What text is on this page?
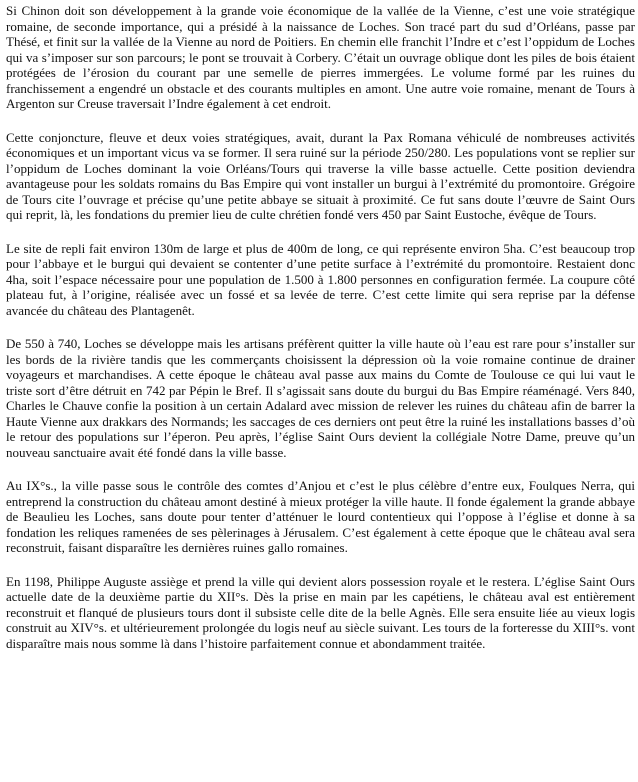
Si Chinon doit son développement à la grande voie économique de la vallée de la Vienne, c’est une voie stratégique romaine, de seconde importance, qui a présidé à la naissance de Loches. Son tracé part du sud d’Orléans, passe par Thésé, et finit sur la vallée de la Vienne au nord de Poitiers. En chemin elle franchit l’Indre et c’est l’oppidum de Loches qui va s’imposer sur son parcours; le pont se trouvait à Corbery. C’était un ouvrage oblique dont les piles de bois étaient protégées de l’érosion du courant par une semelle de pierres immergées. Le volume formé par les ruines du franchissement a engendré un obstacle et des courants multiples en amont. Une autre voie romaine, menant de Tours à Argenton sur Creuse traversait l’Indre également à cet endroit.

Cette conjoncture, fleuve et deux voies stratégiques, avait, durant la Pax Romana véhiculé de nombreuses activités économiques et un important vicus va se former. Il sera ruiné sur la période 250/280. Les populations vont se replier sur l’oppidum de Loches dominant la voie Orléans/Tours qui traverse la ville basse actuelle. Cette position deviendra avantageuse pour les soldats romains du Bas Empire qui vont installer un burgui à l’extrémité du promontoire. Grégoire de Tours cite l’ouvrage et précise qu’une petite abbaye se situait à proximité. Ce fut sans doute l’œuvre de Saint Ours qui reprit, là, les fondations du premier lieu de culte chrétien fondé vers 450 par Saint Eustoche, évêque de Tours.

Le site de repli fait environ 130m de large et plus de 400m de long, ce qui représente environ 5ha. C’est beaucoup trop pour l’abbaye et le burgui qui devaient se contenter d’une petite surface à l’extrémité du promontoire. Restaient donc 4ha, soit l’espace nécessaire pour une population de 1.500 à 1.800 personnes en configuration fermée. La coupure côté plateau fut, à l’origine, réalisée avec un fossé et sa levée de terre. C’est cette limite qui sera reprise par la défense avancée du château des Plantagenêt.

De 550 à 740, Loches se développe mais les artisans préfèrent quitter la ville haute où l’eau est rare pour s’installer sur les bords de la rivière tandis que les commerçants choisissent la dépression où la voie romaine continue de drainer voyageurs et marchandises. A cette époque le château aval passe aux mains du Comte de Toulouse ce qui lui vaut le triste sort d’être détruit en 742 par Pépin le Bref. Il s’agissait sans doute du burgui du Bas Empire réaménagé. Vers 840, Charles le Chauve confie la position à un certain Adalard avec mission de relever les ruines du château afin de barrer la Haute Vienne aux drakkars des Normands; les saccages de ces derniers ont peut être la ruiné les installations basses d’où le retour des populations sur l’éperon. Peu après, l’église Saint Ours devient la collégiale Notre Dame, preuve qu’un nouveau sanctuaire avait été fondé dans la ville basse.

Au IX°s., la ville passe sous le contrôle des comtes d’Anjou et c’est le plus célèbre d’entre eux, Foulques Nerra, qui entreprend la construction du château amont destiné à mieux protéger la ville haute. Il fonde également la grande abbaye de Beaulieu les Loches, sans doute pour tenter d’atténuer le lourd contentieux qui l’oppose à l’église et donne à sa fondation les reliques ramenées de ses pèlerinages à Jérusalem. C’est également à cette époque que le château aval sera reconstruit, faisant disparaître les dernières ruines gallo romaines.

En 1198, Philippe Auguste assiège et prend la ville qui devient alors possession royale et le restera. L’église Saint Ours actuelle date de la deuxième partie du XII°s. Dès la prise en main par les capétiens, le château aval est entièrement reconstruit et flanqué de plusieurs tours dont il subsiste celle dite de la belle Agnès. Elle sera ensuite liée au vieux logis construit au XIV°s. et ultérieurement prolongée du logis neuf au siècle suivant. Les tours de la forteresse du XIII°s. vont disparaître mais nous somme là dans l’histoire parfaitement connue et abondamment traitée.
